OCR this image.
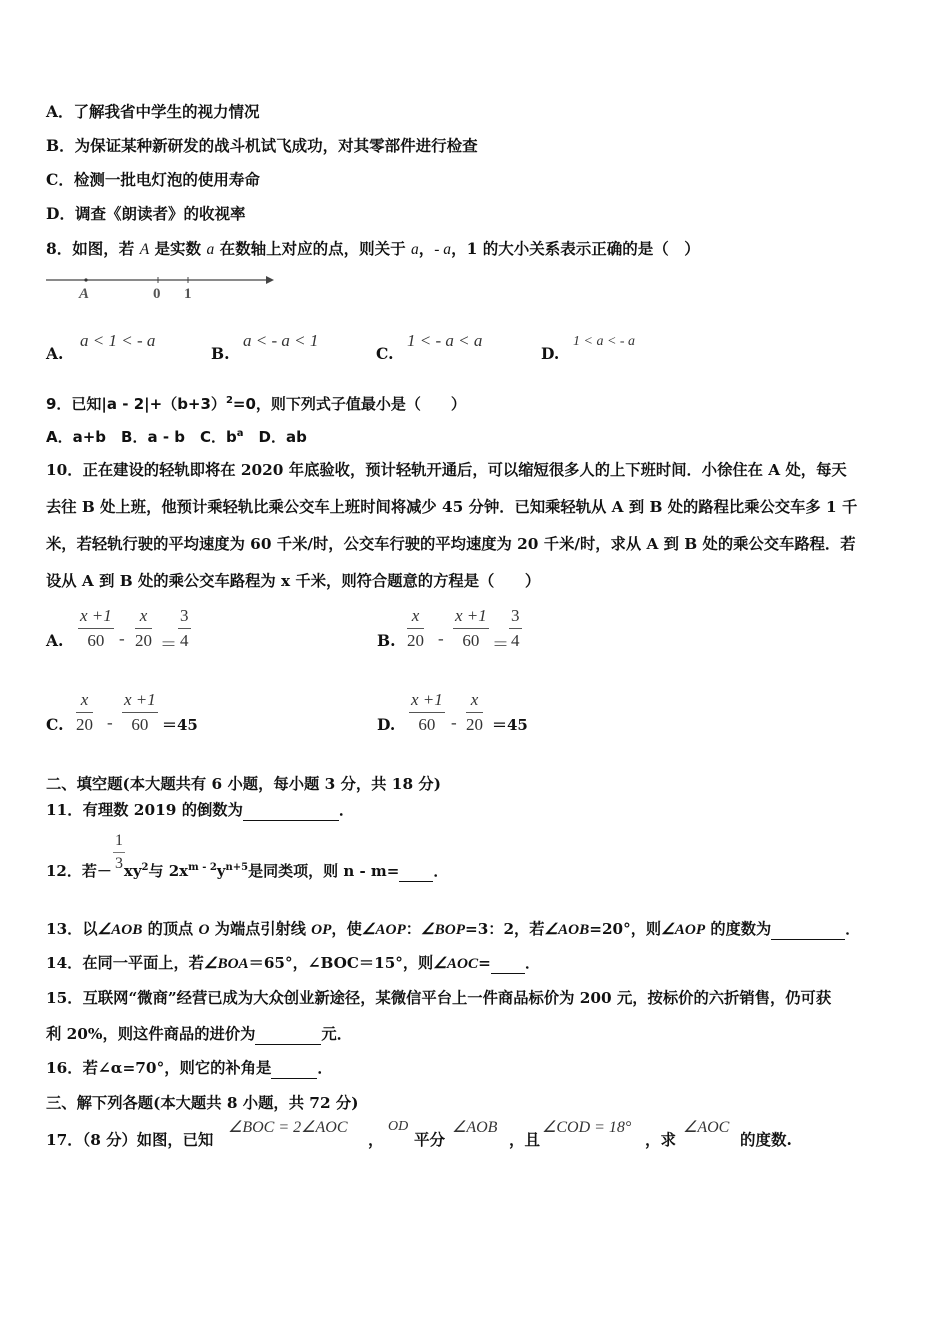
A．了解我省中学生的视力情况
B．为保证某种新研发的战斗机试飞成功，对其零部件进行检查
C．检测一批电灯泡的使用寿命
D．调查《朗读者》的收视率
8．如图，若 A 是实数 a 在数轴上对应的点，则关于 a，- a，1 的大小关系表示正确的是（　）
A	0 1
A.
a < 1 < - a
B.
a < - a < 1
C.
1 < - a < a
D.
1 < a < - a
9．已知$|a - 2|+(b+3)^2=0$，则下列式子值最小是（　　）
A．a+b　B．a - b　C．$b^a$　D．ab
10．正在建设的轻轨即将在 2020 年底验收，预计轻轨开通后，可以缩短很多人的上下班时间．小徐住在 A 处，每天
去往 B 处上班，他预计乘轻轨比乘公交车上班时间将减少 45 分钟．已知乘轻轨从 A 到 B 处的路程比乘公交车多 1 千
米，若轻轨行驶的平均速度为 60 千米/时，公交车行驶的平均速度为 20 千米/时，求从 A 到 B 处的乘公交车路程．若
设从 A 到 B 处的乘公交车路程为 x 千米，则符合题意的方程是（　　）
A. $\frac{x +1}{60} - \frac{x}{20} = \frac{3}{4}$	B. $\frac{x}{20} - \frac{x +1}{60} = \frac{3}{4}$
C. $\frac{x}{20} - \frac{x +1}{60} =45$	D. $\frac{x +1}{60} - \frac{x}{20} =45$
二、填空题(本大题共有 6 小题，每小题 3 分，共 18 分)
11．有理数 2019 的倒数为	．
12．若－ $xy^2$与 $2x^{m - 2}y^{n+5}$是同类项，则 n - m= ．
$\frac{1}{3}$
13．以∠AOB 的顶点 O 为端点引射线 OP，使∠AOP：∠BOP=3：2，若∠AOB=20°，则∠AOP 的度数为	．
14．在同一平面上，若∠BOA＝65°，∠BOC＝15°，则∠AOC= ．
15．互联网“微商”经营已成为大众创业新途径，某微信平台上一件商品标价为 200 元，按标价的六折销售，仍可获
利 20%，则这件商品的进价为	元．
16．若∠α=70°，则它的补角是	．
三、解下列各题(本大题共 8 小题，共 72 分)
17．（8 分）如图，已知
∠BOC = 2∠AOC
，
OD
平分
∠AOB
，且
∠COD = 18°
，求
∠AOC
的度数.
